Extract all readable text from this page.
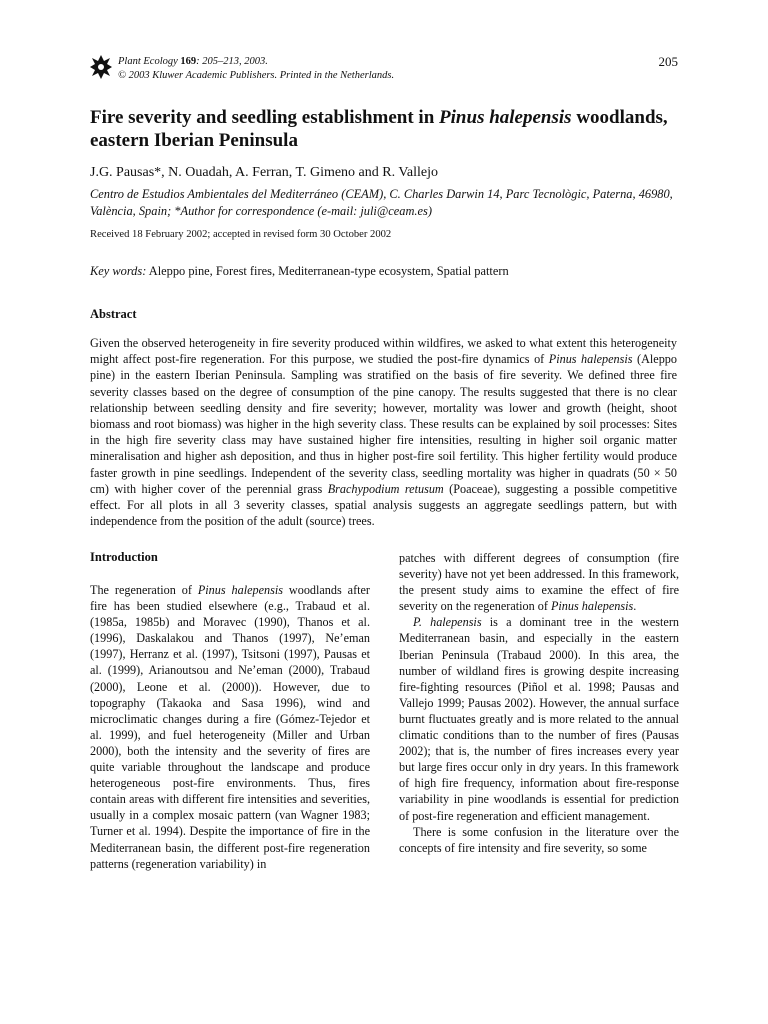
Plant Ecology 169: 205–213, 2003.
© 2003 Kluwer Academic Publishers. Printed in the Netherlands.
205
Fire severity and seedling establishment in Pinus halepensis woodlands, eastern Iberian Peninsula
J.G. Pausas*, N. Ouadah, A. Ferran, T. Gimeno and R. Vallejo
Centro de Estudios Ambientales del Mediterráneo (CEAM), C. Charles Darwin 14, Parc Tecnològic, Paterna, 46980, València, Spain; *Author for correspondence (e-mail: juli@ceam.es)
Received 18 February 2002; accepted in revised form 30 October 2002
Key words: Aleppo pine, Forest fires, Mediterranean-type ecosystem, Spatial pattern
Abstract
Given the observed heterogeneity in fire severity produced within wildfires, we asked to what extent this heterogeneity might affect post-fire regeneration. For this purpose, we studied the post-fire dynamics of Pinus halepensis (Aleppo pine) in the eastern Iberian Peninsula. Sampling was stratified on the basis of fire severity. We defined three fire severity classes based on the degree of consumption of the pine canopy. The results suggested that there is no clear relationship between seedling density and fire severity; however, mortality was lower and growth (height, shoot biomass and root biomass) was higher in the high severity class. These results can be explained by soil processes: Sites in the high fire severity class may have sustained higher fire intensities, resulting in higher soil organic matter mineralisation and higher ash deposition, and thus in higher post-fire soil fertility. This higher fertility would produce faster growth in pine seedlings. Independent of the severity class, seedling mortality was higher in quadrats (50 × 50 cm) with higher cover of the perennial grass Brachypodium retusum (Poaceae), suggesting a possible competitive effect. For all plots in all 3 severity classes, spatial analysis suggests an aggregate seedlings pattern, but with independence from the position of the adult (source) trees.
Introduction
The regeneration of Pinus halepensis woodlands after fire has been studied elsewhere (e.g., Trabaud et al. (1985a, 1985b) and Moravec (1990), Thanos et al. (1996), Daskalakou and Thanos (1997), Ne’eman (1997), Herranz et al. (1997), Tsitsoni (1997), Pausas et al. (1999), Arianoutsou and Ne’eman (2000), Trabaud (2000), Leone et al. (2000)). However, due to topography (Takaoka and Sasa 1996), wind and microclimatic changes during a fire (Gómez-Tejedor et al. 1999), and fuel heterogeneity (Miller and Urban 2000), both the intensity and the severity of fires are quite variable throughout the landscape and produce heterogeneous post-fire environments. Thus, fires contain areas with different fire intensities and severities, usually in a complex mosaic pattern (van Wagner 1983; Turner et al. 1994). Despite the importance of fire in the Mediterranean basin, the different post-fire regeneration patterns (regeneration variability) in

patches with different degrees of consumption (fire severity) have not yet been addressed. In this framework, the present study aims to examine the effect of fire severity on the regeneration of Pinus halepensis.

P. halepensis is a dominant tree in the western Mediterranean basin, and especially in the eastern Iberian Peninsula (Trabaud 2000). In this area, the number of wildland fires is growing despite increasing fire-fighting resources (Piñol et al. 1998; Pausas and Vallejo 1999; Pausas 2002). However, the annual surface burnt fluctuates greatly and is more related to the annual climatic conditions than to the number of fires (Pausas 2002); that is, the number of fires increases every year but large fires occur only in dry years. In this framework of high fire frequency, information about fire-response variability in pine woodlands is essential for prediction of post-fire regeneration and efficient management.

There is some confusion in the literature over the concepts of fire intensity and fire severity, so some
